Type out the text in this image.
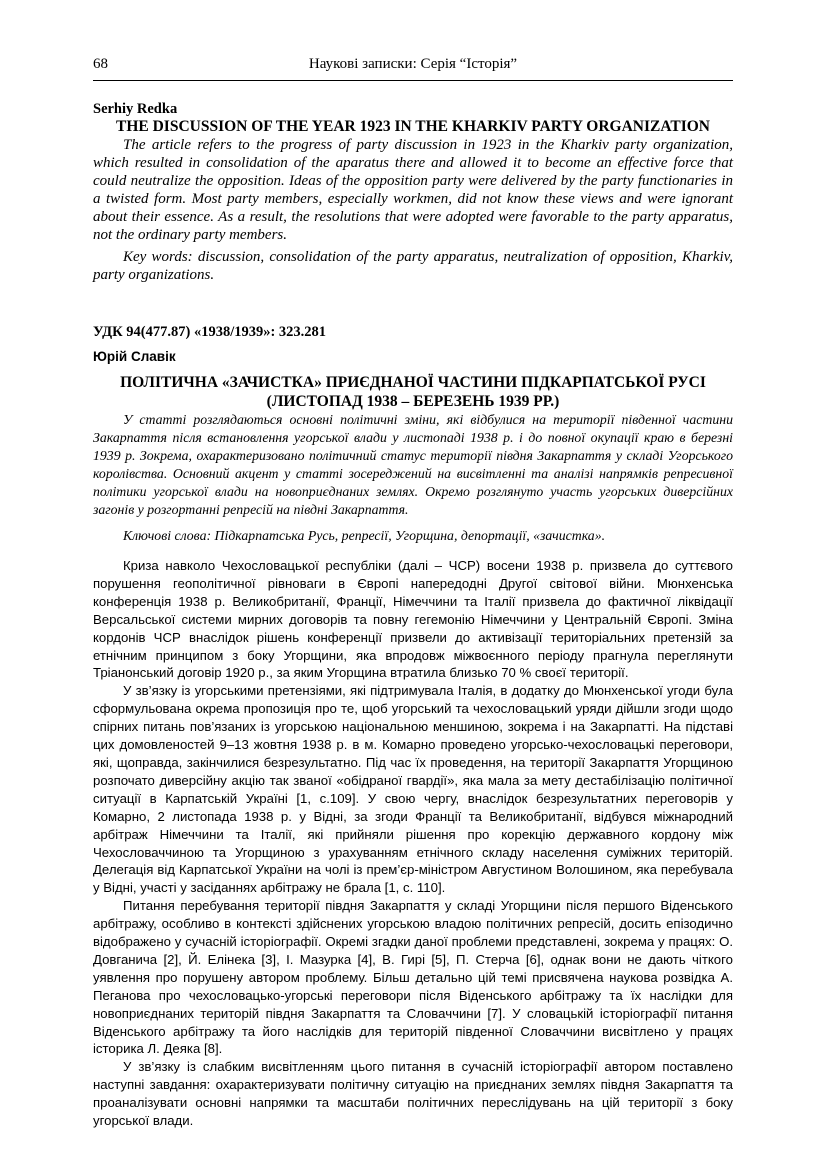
68	Наукові записки: Серія “Історія”
Serhiy Redka
THE DISCUSSION OF THE YEAR 1923 IN THE KHARKIV PARTY ORGANIZATION

The article refers to the progress of party discussion in 1923 in the Kharkiv party organization, which resulted in consolidation of the aparatus there and allowed it to become an effective force that could neutralize the opposition. Ideas of the opposition party were delivered by the party functionaries in a twisted form. Most party members, especially workmen, did not know these views and were ignorant about their essence. As a result, the resolutions that were adopted were favorable to the party apparatus, not the ordinary party members.

Key words: discussion, consolidation of the party apparatus, neutralization of opposition, Kharkiv, party organizations.

УДК 94(477.87) «1938/1939»: 323.281
Юрій Славік
ПОЛІТИЧНА «ЗАЧИСТКА» ПРИЄДНАНОЇ ЧАСТИНИ ПІДКАРПАТСЬКОЇ РУСІ (ЛИСТОПАД 1938 – БЕРЕЗЕНЬ 1939 РР.)

У статті розглядаються основні політичні зміни, які відбулися на території південної частини Закарпаття після встановлення угорської влади у листопаді 1938 р. і до повної окупації краю в березні 1939 р. Зокрема, охарактеризовано політичний статус території півдня Закарпаття у складі Угорського королівства. Основний акцент у статті зосереджений на висвітленні та аналізі напрямків репресивної політики угорської влади на новоприєднаних землях. Окремо розглянуто участь угорських диверсійних загонів у розгортанні репресій на півдні Закарпаття.

Ключові слова: Підкарпатська Русь, репресії, Угорщина, депортації, «зачистка».

Криза навколо Чехословацької республіки (далі – ЧСР) восени 1938 р. призвела до суттєвого порушення геополітичної рівноваги в Європі напередодні Другої світової війни. Мюнхенська конференція 1938 р. Великобританії, Франції, Німеччини та Італії призвела до фактичної ліквідації Версальської системи мирних договорів та повну гегемонію Німеччини у Центральній Європі. Зміна кордонів ЧСР внаслідок рішень конференції призвели до активізації територіальних претензій за етнічним принципом з боку Угорщини, яка впродовж міжвоєнного періоду прагнула переглянути Тріанонський договір 1920 р., за яким Угорщина втратила близько 70 % своєї території.

У зв’язку із угорськими претензіями, які підтримувала Італія, в додатку до Мюнхенської угоди була сформульована окрема пропозиція про те, щоб угорський та чехословацький уряди дійшли згоди щодо спірних питань пов’язаних із угорською національною меншиною, зокрема і на Закарпатті. На підставі цих домовленостей 9–13 жовтня 1938 р. в м. Комарно проведено угорсько-чехословацькі переговори, які, щоправда, закінчилися безрезультатно. Під час їх проведення, на території Закарпаття Угорщиною розпочато диверсійну акцію так званої «обідраної гвардії», яка мала за мету дестабілізацію політичної ситуації в Карпатській Україні [1, с.109]. У свою чергу, внаслідок безрезультатних переговорів у Комарно, 2 листопада 1938 р. у Відні, за згоди Франції та Великобританії, відбувся міжнародний арбітраж Німеччини та Італії, які прийняли рішення про корекцію державного кордону між Чехословаччиною та Угорщиною з урахуванням етнічного складу населення суміжних територій. Делегація від Карпатської України на чолі із прем’єр-міністром Августином Волошином, яка перебувала у Відні, участі у засіданнях арбітражу не брала [1, с. 110].

Питання перебування території півдня Закарпаття у складі Угорщини після першого Віденського арбітражу, особливо в контексті здійснених угорською владою політичних репресій, досить епізодично відображено у сучасній історіографії. Окремі згадки даної проблеми представлені, зокрема у працях: О. Довганича [2], Й. Елінека [3], І. Мазурка [4], В. Гирі [5], П. Стерча [6], однак вони не дають чіткого уявлення про порушену автором проблему. Більш детально цій темі присвячена наукова розвідка А. Пеганова про чехословацько-угорські переговори після Віденського арбітражу та їх наслідки для новоприєднаних територій півдня Закарпаття та Словаччини [7]. У словацькій історіографії питання Віденського арбітражу та його наслідків для територій південної Словаччини висвітлено у працях історика Л. Деяка [8].

У зв’язку із слабким висвітленням цього питання в сучасній історіографії автором поставлено наступні завдання: охарактеризувати політичну ситуацію на приєднаних землях півдня Закарпаття та проаналізувати основні напрямки та масштаби політичних переслідувань на цій території з боку угорської влади.
